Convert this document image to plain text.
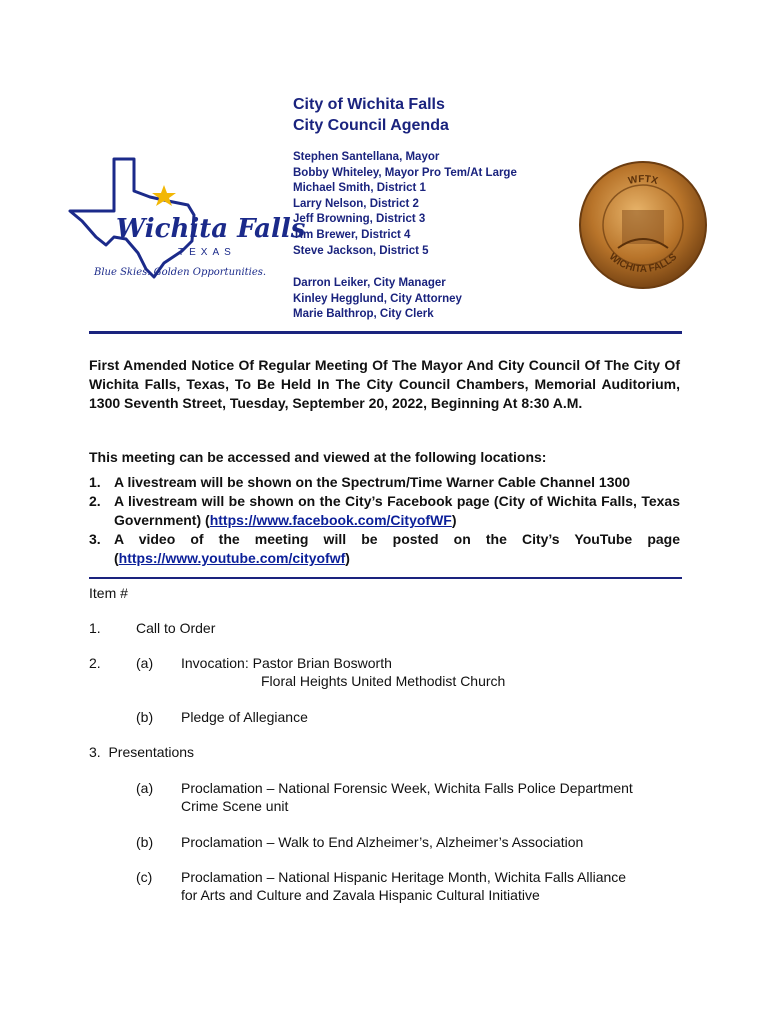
Wichita Falls
TEXAS
Blue Skies. Golden Opportunities.
City of Wichita Falls
City Council Agenda
Stephen Santellana, Mayor
Bobby Whiteley, Mayor Pro Tem/At Large
Michael Smith, District 1
Larry Nelson, District 2
Jeff Browning, District 3
Tim Brewer, District 4
Steve Jackson, District 5
Darron Leiker, City Manager
Kinley Hegglund, City Attorney
Marie Balthrop, City Clerk
WFTX
WICHITA FALLS
First Amended Notice Of Regular Meeting Of The Mayor And City Council Of The City Of Wichita Falls, Texas, To Be Held In The City Council Chambers, Memorial Auditorium, 1300 Seventh Street, Tuesday, September 20, 2022, Beginning At 8:30 A.M.
This meeting can be accessed and viewed at the following locations:
1. A livestream will be shown on the Spectrum/Time Warner Cable Channel 1300
2. A livestream will be shown on the City’s Facebook page (City of Wichita Falls, Texas Government) (https://www.facebook.com/CityofWF)
3. A video of the meeting will be posted on the City’s YouTube page (https://www.youtube.com/cityofwf)
Item #
1.	Call to Order
2.	(a) Invocation: Pastor Brian Bosworth
Floral Heights United Methodist Church
(b) Pledge of Allegiance
3.  Presentations
(a) Proclamation – National Forensic Week, Wichita Falls Police Department
Crime Scene unit
(b) Proclamation – Walk to End Alzheimer’s, Alzheimer’s Association
(c) Proclamation – National Hispanic Heritage Month, Wichita Falls Alliance
for Arts and Culture and Zavala Hispanic Cultural Initiative
